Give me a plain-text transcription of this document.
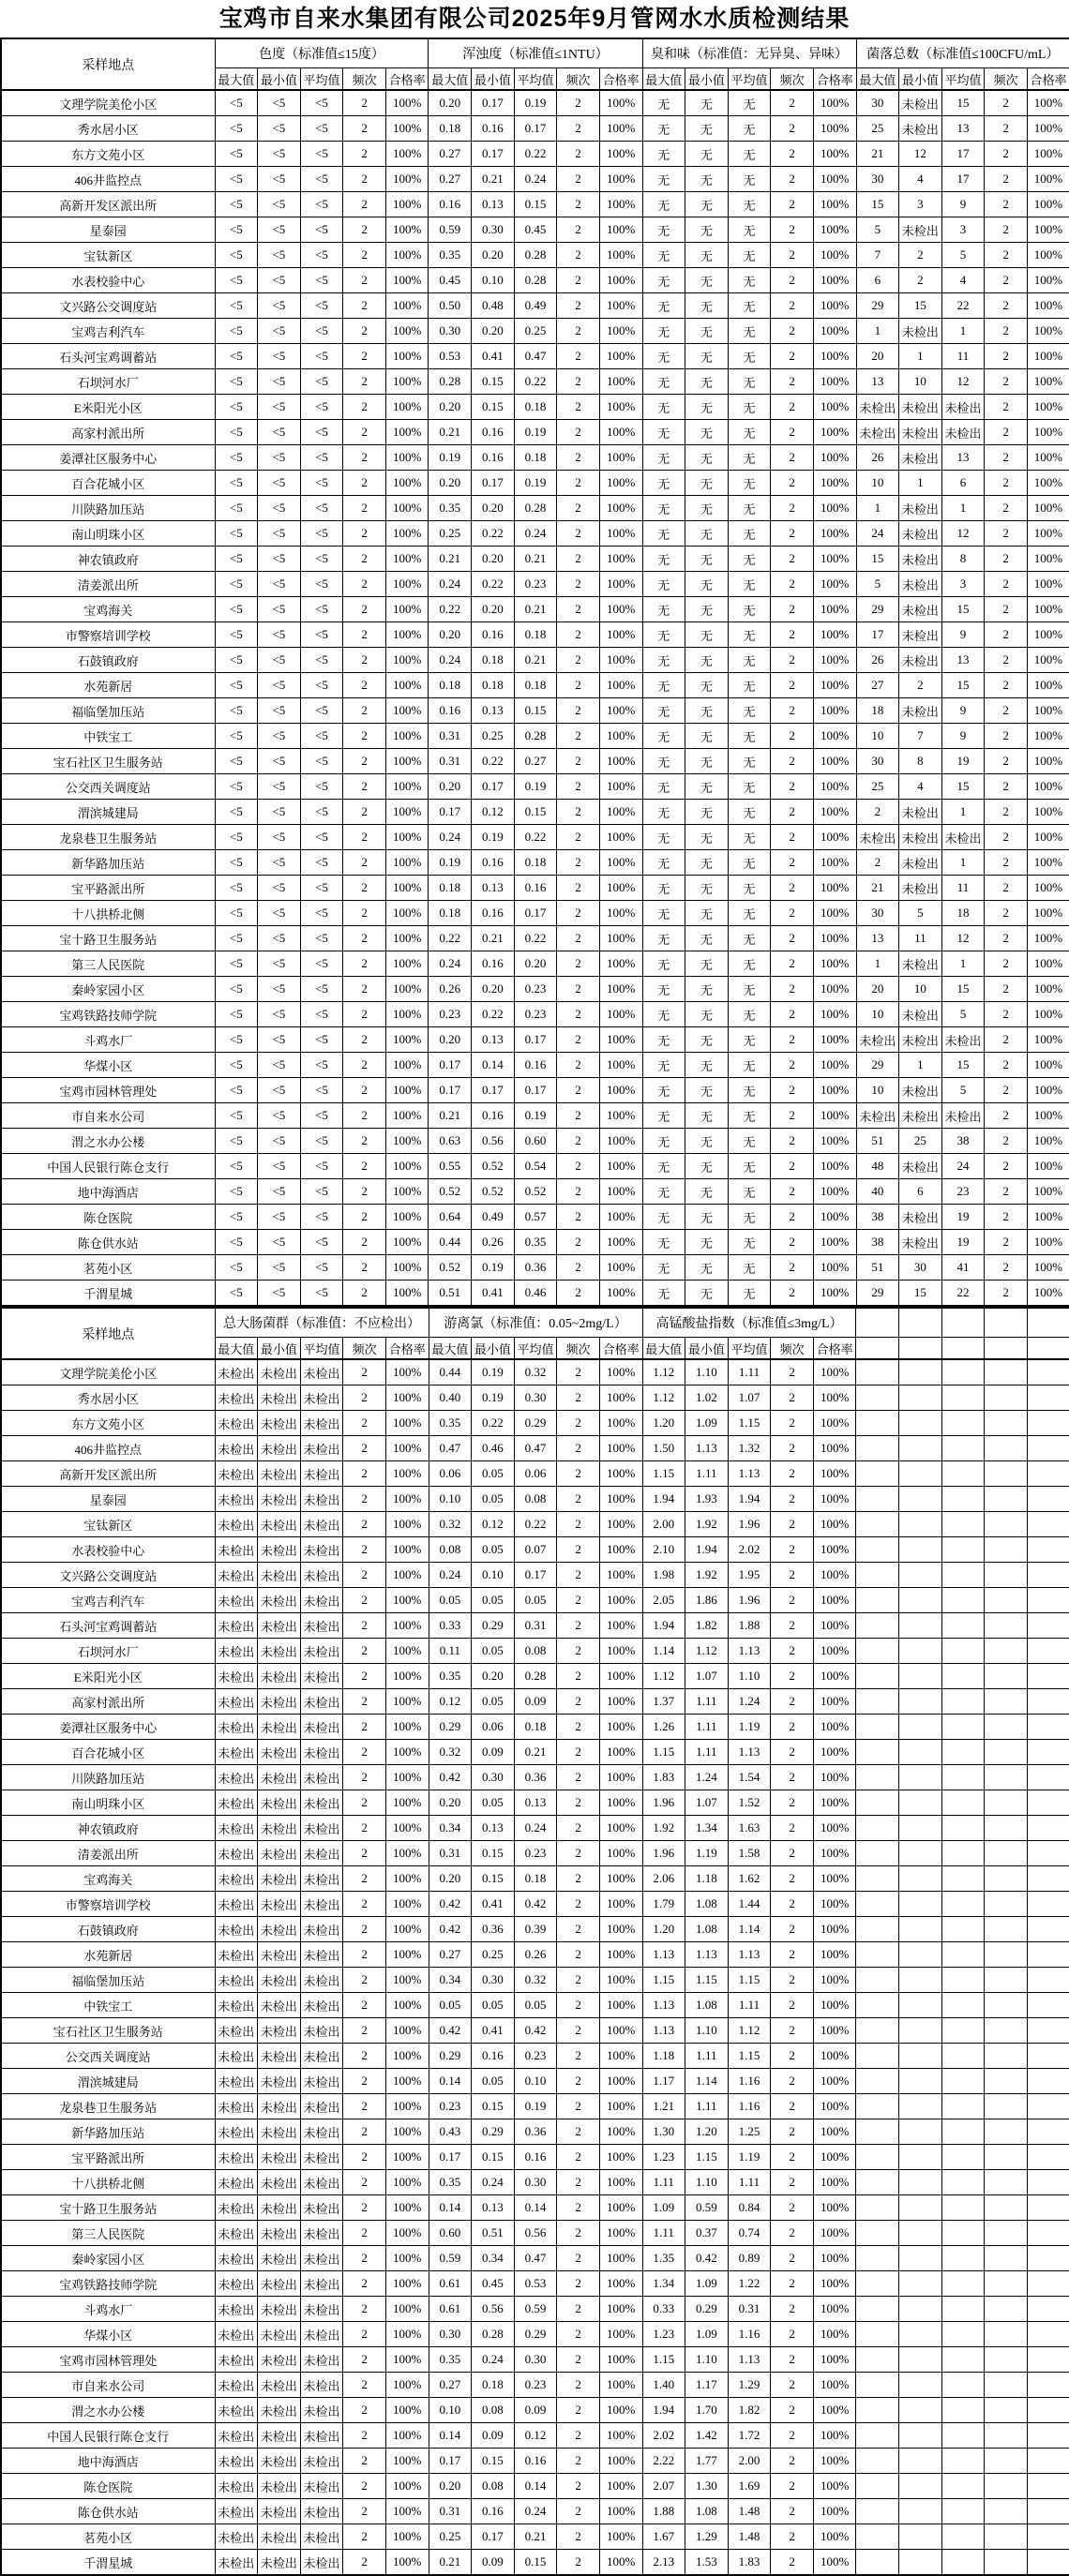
宝鸡市自来水集团有限公司2025年9月管网水水质检测结果
采样地点	色度（标准值≤15度）					浑浊度（标准值≤1NTU）					臭和味（标准值：无异臭、异味）					菌落总数（标准值≤100CFU/mL）				
	最大值	最小值	平均值	频次	合格率	最大值	最小值	平均值	频次	合格率	最大值	最小值	平均值	频次	合格率	最大值	最小值	平均值	频次	合格率
文理学院美伦小区	<5	<5	<5	2	100%	0.20	0.17	0.19	2	100%	无	无	无	2	100%	30	未检出	15	2	100%
秀水居小区	<5	<5	<5	2	100%	0.18	0.16	0.17	2	100%	无	无	无	2	100%	25	未检出	13	2	100%
东方文苑小区	<5	<5	<5	2	100%	0.27	0.17	0.22	2	100%	无	无	无	2	100%	21	12	17	2	100%
406井监控点	<5	<5	<5	2	100%	0.27	0.21	0.24	2	100%	无	无	无	2	100%	30	4	17	2	100%
高新开发区派出所	<5	<5	<5	2	100%	0.16	0.13	0.15	2	100%	无	无	无	2	100%	15	3	9	2	100%
星泰园	<5	<5	<5	2	100%	0.59	0.30	0.45	2	100%	无	无	无	2	100%	5	未检出	3	2	100%
宝钛新区	<5	<5	<5	2	100%	0.35	0.20	0.28	2	100%	无	无	无	2	100%	7	2	5	2	100%
水表校验中心	<5	<5	<5	2	100%	0.45	0.10	0.28	2	100%	无	无	无	2	100%	6	2	4	2	100%
文兴路公交调度站	<5	<5	<5	2	100%	0.50	0.48	0.49	2	100%	无	无	无	2	100%	29	15	22	2	100%
宝鸡吉利汽车	<5	<5	<5	2	100%	0.30	0.20	0.25	2	100%	无	无	无	2	100%	1	未检出	1	2	100%
石头河宝鸡调蓄站	<5	<5	<5	2	100%	0.53	0.41	0.47	2	100%	无	无	无	2	100%	20	1	11	2	100%
石坝河水厂	<5	<5	<5	2	100%	0.28	0.15	0.22	2	100%	无	无	无	2	100%	13	10	12	2	100%
E米阳光小区	<5	<5	<5	2	100%	0.20	0.15	0.18	2	100%	无	无	无	2	100%	未检出	未检出	未检出	2	100%
高家村派出所	<5	<5	<5	2	100%	0.21	0.16	0.19	2	100%	无	无	无	2	100%	未检出	未检出	未检出	2	100%
姜潭社区服务中心	<5	<5	<5	2	100%	0.19	0.16	0.18	2	100%	无	无	无	2	100%	26	未检出	13	2	100%
百合花城小区	<5	<5	<5	2	100%	0.20	0.17	0.19	2	100%	无	无	无	2	100%	10	1	6	2	100%
川陕路加压站	<5	<5	<5	2	100%	0.35	0.20	0.28	2	100%	无	无	无	2	100%	1	未检出	1	2	100%
南山明珠小区	<5	<5	<5	2	100%	0.25	0.22	0.24	2	100%	无	无	无	2	100%	24	未检出	12	2	100%
神农镇政府	<5	<5	<5	2	100%	0.21	0.20	0.21	2	100%	无	无	无	2	100%	15	未检出	8	2	100%
清姜派出所	<5	<5	<5	2	100%	0.24	0.22	0.23	2	100%	无	无	无	2	100%	5	未检出	3	2	100%
宝鸡海关	<5	<5	<5	2	100%	0.22	0.20	0.21	2	100%	无	无	无	2	100%	29	未检出	15	2	100%
市警察培训学校	<5	<5	<5	2	100%	0.20	0.16	0.18	2	100%	无	无	无	2	100%	17	未检出	9	2	100%
石鼓镇政府	<5	<5	<5	2	100%	0.24	0.18	0.21	2	100%	无	无	无	2	100%	26	未检出	13	2	100%
水苑新居	<5	<5	<5	2	100%	0.18	0.18	0.18	2	100%	无	无	无	2	100%	27	2	15	2	100%
福临堡加压站	<5	<5	<5	2	100%	0.16	0.13	0.15	2	100%	无	无	无	2	100%	18	未检出	9	2	100%
中铁宝工	<5	<5	<5	2	100%	0.31	0.25	0.28	2	100%	无	无	无	2	100%	10	7	9	2	100%
宝石社区卫生服务站	<5	<5	<5	2	100%	0.31	0.22	0.27	2	100%	无	无	无	2	100%	30	8	19	2	100%
公交西关调度站	<5	<5	<5	2	100%	0.20	0.17	0.19	2	100%	无	无	无	2	100%	25	4	15	2	100%
渭滨城建局	<5	<5	<5	2	100%	0.17	0.12	0.15	2	100%	无	无	无	2	100%	2	未检出	1	2	100%
龙泉巷卫生服务站	<5	<5	<5	2	100%	0.24	0.19	0.22	2	100%	无	无	无	2	100%	未检出	未检出	未检出	2	100%
新华路加压站	<5	<5	<5	2	100%	0.19	0.16	0.18	2	100%	无	无	无	2	100%	2	未检出	1	2	100%
宝平路派出所	<5	<5	<5	2	100%	0.18	0.13	0.16	2	100%	无	无	无	2	100%	21	未检出	11	2	100%
十八拱桥北侧	<5	<5	<5	2	100%	0.18	0.16	0.17	2	100%	无	无	无	2	100%	30	5	18	2	100%
宝十路卫生服务站	<5	<5	<5	2	100%	0.22	0.21	0.22	2	100%	无	无	无	2	100%	13	11	12	2	100%
第三人民医院	<5	<5	<5	2	100%	0.24	0.16	0.20	2	100%	无	无	无	2	100%	1	未检出	1	2	100%
秦岭家园小区	<5	<5	<5	2	100%	0.26	0.20	0.23	2	100%	无	无	无	2	100%	20	10	15	2	100%
宝鸡铁路技师学院	<5	<5	<5	2	100%	0.23	0.22	0.23	2	100%	无	无	无	2	100%	10	未检出	5	2	100%
斗鸡水厂	<5	<5	<5	2	100%	0.20	0.13	0.17	2	100%	无	无	无	2	100%	未检出	未检出	未检出	2	100%
华煤小区	<5	<5	<5	2	100%	0.17	0.14	0.16	2	100%	无	无	无	2	100%	29	1	15	2	100%
宝鸡市园林管理处	<5	<5	<5	2	100%	0.17	0.17	0.17	2	100%	无	无	无	2	100%	10	未检出	5	2	100%
市自来水公司	<5	<5	<5	2	100%	0.21	0.16	0.19	2	100%	无	无	无	2	100%	未检出	未检出	未检出	2	100%
渭之水办公楼	<5	<5	<5	2	100%	0.63	0.56	0.60	2	100%	无	无	无	2	100%	51	25	38	2	100%
中国人民银行陈仓支行	<5	<5	<5	2	100%	0.55	0.52	0.54	2	100%	无	无	无	2	100%	48	未检出	24	2	100%
地中海酒店	<5	<5	<5	2	100%	0.52	0.52	0.52	2	100%	无	无	无	2	100%	40	6	23	2	100%
陈仓医院	<5	<5	<5	2	100%	0.64	0.49	0.57	2	100%	无	无	无	2	100%	38	未检出	19	2	100%
陈仓供水站	<5	<5	<5	2	100%	0.44	0.26	0.35	2	100%	无	无	无	2	100%	38	未检出	19	2	100%
茗苑小区	<5	<5	<5	2	100%	0.52	0.19	0.36	2	100%	无	无	无	2	100%	51	30	41	2	100%
千渭星城	<5	<5	<5	2	100%	0.51	0.41	0.46	2	100%	无	无	无	2	100%	29	15	22	2	100%
采样地点	总大肠菌群（标准值：不应检出）					游离氯（标准值：0.05~2mg/L）					高锰酸盐指数（标准值≤3mg/L）									
	最大值	最小值	平均值	频次	合格率	最大值	最小值	平均值	频次	合格率	最大值	最小值	平均值	频次	合格率					
文理学院美伦小区	未检出	未检出	未检出	2	100%	0.44	0.19	0.32	2	100%	1.12	1.10	1.11	2	100%					
秀水居小区	未检出	未检出	未检出	2	100%	0.40	0.19	0.30	2	100%	1.12	1.02	1.07	2	100%					
东方文苑小区	未检出	未检出	未检出	2	100%	0.35	0.22	0.29	2	100%	1.20	1.09	1.15	2	100%					
406井监控点	未检出	未检出	未检出	2	100%	0.47	0.46	0.47	2	100%	1.50	1.13	1.32	2	100%					
高新开发区派出所	未检出	未检出	未检出	2	100%	0.06	0.05	0.06	2	100%	1.15	1.11	1.13	2	100%					
星泰园	未检出	未检出	未检出	2	100%	0.10	0.05	0.08	2	100%	1.94	1.93	1.94	2	100%					
宝钛新区	未检出	未检出	未检出	2	100%	0.32	0.12	0.22	2	100%	2.00	1.92	1.96	2	100%					
水表校验中心	未检出	未检出	未检出	2	100%	0.08	0.05	0.07	2	100%	2.10	1.94	2.02	2	100%					
文兴路公交调度站	未检出	未检出	未检出	2	100%	0.24	0.10	0.17	2	100%	1.98	1.92	1.95	2	100%					
宝鸡吉利汽车	未检出	未检出	未检出	2	100%	0.05	0.05	0.05	2	100%	2.05	1.86	1.96	2	100%					
石头河宝鸡调蓄站	未检出	未检出	未检出	2	100%	0.33	0.29	0.31	2	100%	1.94	1.82	1.88	2	100%					
石坝河水厂	未检出	未检出	未检出	2	100%	0.11	0.05	0.08	2	100%	1.14	1.12	1.13	2	100%					
E米阳光小区	未检出	未检出	未检出	2	100%	0.35	0.20	0.28	2	100%	1.12	1.07	1.10	2	100%					
高家村派出所	未检出	未检出	未检出	2	100%	0.12	0.05	0.09	2	100%	1.37	1.11	1.24	2	100%					
姜潭社区服务中心	未检出	未检出	未检出	2	100%	0.29	0.06	0.18	2	100%	1.26	1.11	1.19	2	100%					
百合花城小区	未检出	未检出	未检出	2	100%	0.32	0.09	0.21	2	100%	1.15	1.11	1.13	2	100%					
川陕路加压站	未检出	未检出	未检出	2	100%	0.42	0.30	0.36	2	100%	1.83	1.24	1.54	2	100%					
南山明珠小区	未检出	未检出	未检出	2	100%	0.20	0.05	0.13	2	100%	1.96	1.07	1.52	2	100%					
神农镇政府	未检出	未检出	未检出	2	100%	0.34	0.13	0.24	2	100%	1.92	1.34	1.63	2	100%					
清姜派出所	未检出	未检出	未检出	2	100%	0.31	0.15	0.23	2	100%	1.96	1.19	1.58	2	100%					
宝鸡海关	未检出	未检出	未检出	2	100%	0.20	0.15	0.18	2	100%	2.06	1.18	1.62	2	100%					
市警察培训学校	未检出	未检出	未检出	2	100%	0.42	0.41	0.42	2	100%	1.79	1.08	1.44	2	100%					
石鼓镇政府	未检出	未检出	未检出	2	100%	0.42	0.36	0.39	2	100%	1.20	1.08	1.14	2	100%					
水苑新居	未检出	未检出	未检出	2	100%	0.27	0.25	0.26	2	100%	1.13	1.13	1.13	2	100%					
福临堡加压站	未检出	未检出	未检出	2	100%	0.34	0.30	0.32	2	100%	1.15	1.15	1.15	2	100%					
中铁宝工	未检出	未检出	未检出	2	100%	0.05	0.05	0.05	2	100%	1.13	1.08	1.11	2	100%					
宝石社区卫生服务站	未检出	未检出	未检出	2	100%	0.42	0.41	0.42	2	100%	1.13	1.10	1.12	2	100%					
公交西关调度站	未检出	未检出	未检出	2	100%	0.29	0.16	0.23	2	100%	1.18	1.11	1.15	2	100%					
渭滨城建局	未检出	未检出	未检出	2	100%	0.14	0.05	0.10	2	100%	1.17	1.14	1.16	2	100%					
龙泉巷卫生服务站	未检出	未检出	未检出	2	100%	0.23	0.15	0.19	2	100%	1.21	1.11	1.16	2	100%					
新华路加压站	未检出	未检出	未检出	2	100%	0.43	0.29	0.36	2	100%	1.30	1.20	1.25	2	100%					
宝平路派出所	未检出	未检出	未检出	2	100%	0.17	0.15	0.16	2	100%	1.23	1.15	1.19	2	100%					
十八拱桥北侧	未检出	未检出	未检出	2	100%	0.35	0.24	0.30	2	100%	1.11	1.10	1.11	2	100%					
宝十路卫生服务站	未检出	未检出	未检出	2	100%	0.14	0.13	0.14	2	100%	1.09	0.59	0.84	2	100%					
第三人民医院	未检出	未检出	未检出	2	100%	0.60	0.51	0.56	2	100%	1.11	0.37	0.74	2	100%					
秦岭家园小区	未检出	未检出	未检出	2	100%	0.59	0.34	0.47	2	100%	1.35	0.42	0.89	2	100%					
宝鸡铁路技师学院	未检出	未检出	未检出	2	100%	0.61	0.45	0.53	2	100%	1.34	1.09	1.22	2	100%					
斗鸡水厂	未检出	未检出	未检出	2	100%	0.61	0.56	0.59	2	100%	0.33	0.29	0.31	2	100%					
华煤小区	未检出	未检出	未检出	2	100%	0.30	0.28	0.29	2	100%	1.23	1.09	1.16	2	100%					
宝鸡市园林管理处	未检出	未检出	未检出	2	100%	0.35	0.24	0.30	2	100%	1.15	1.10	1.13	2	100%					
市自来水公司	未检出	未检出	未检出	2	100%	0.27	0.18	0.23	2	100%	1.40	1.17	1.29	2	100%					
渭之水办公楼	未检出	未检出	未检出	2	100%	0.10	0.08	0.09	2	100%	1.94	1.70	1.82	2	100%					
中国人民银行陈仓支行	未检出	未检出	未检出	2	100%	0.14	0.09	0.12	2	100%	2.02	1.42	1.72	2	100%					
地中海酒店	未检出	未检出	未检出	2	100%	0.17	0.15	0.16	2	100%	2.22	1.77	2.00	2	100%					
陈仓医院	未检出	未检出	未检出	2	100%	0.20	0.08	0.14	2	100%	2.07	1.30	1.69	2	100%					
陈仓供水站	未检出	未检出	未检出	2	100%	0.31	0.16	0.24	2	100%	1.88	1.08	1.48	2	100%					
茗苑小区	未检出	未检出	未检出	2	100%	0.25	0.17	0.21	2	100%	1.67	1.29	1.48	2	100%					
千渭星城	未检出	未检出	未检出	2	100%	0.21	0.09	0.15	2	100%	2.13	1.53	1.83	2	100%					
